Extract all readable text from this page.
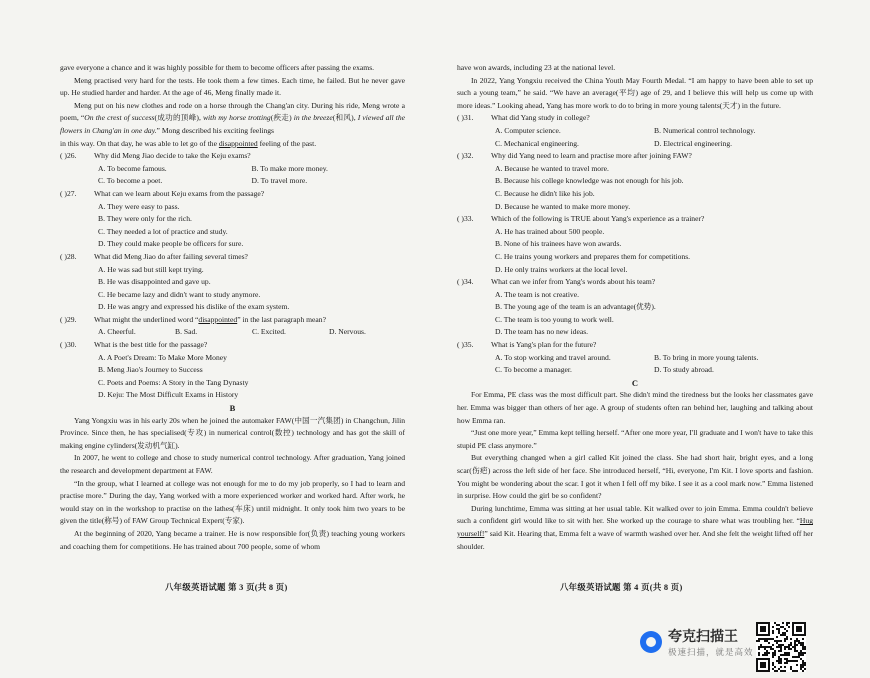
gave everyone a chance and it was highly possible for them to become officers after passing the exams.
Meng practised very hard for the tests. He took them a few times. Each time, he failed. But he never gave up. He studied harder and harder. At the age of 46, Meng finally made it.
Meng put on his new clothes and rode on a horse through the Chang'an city. During his ride, Meng wrote a poem, “On the crest of success(成功的顶峰), with my horse trotting(疾走) in the breeze(和风), I viewed all the flowers in Chang'an in one day.” Mong described his exciting feelings
in this way. On that day, he was able to let go of the disappointed feeling of the past.
( )26.	Why did Meng Jiao decide to take the Keju exams?
A. To become famous.	B. To make more money.
C. To become a poet.	D. To travel more.
( )27.	What can we learn about Keju exams from the passage?
A. They were easy to pass.
B. They were only for the rich.
C. They needed a lot of practice and study.
D. They could make people be officers for sure.
( )28.	What did Meng Jiao do after failing several times?
A. He was sad but still kept trying.
B. He was disappointed and gave up.
C. He became lazy and didn't want to study anymore.
D. He was angry and expressed his dislike of the exam system.
( )29.	What might the underlined word “disappointed” in the last paragraph mean?
A. Cheerful.	B. Sad.	C. Excited.	D. Nervous.
( )30.	What is the best title for the passage?
A. A Poet's Dream: To Make More Money
B. Meng Jiao's Journey to Success
C. Poets and Poems: A Story in the Tang Dynasty
D. Keju: The Most Difficult Exams in History
B
Yang Yongxiu was in his early 20s when he joined the automaker FAW(中国一汽集团) in Changchun, Jilin Province. Since then, he has specialised(专攻) in numerical control(数控) technology and has got the skill of making engine cylinders(发动机气缸).
In 2007, he went to college and chose to study numerical control technology. After graduation, Yang joined the research and development department at FAW.
“In the group, what I learned at college was not enough for me to do my job properly, so I had to learn and practise more.” During the day, Yang worked with a more experienced worker and worked hard. After work, he would stay on in the workshop to practise on the lathes(车床) until midnight. It only took him two years to be given the title(称号) of FAW Group Technical Expert(专家).
At the beginning of 2020, Yang became a trainer. He is now responsible for(负责) teaching young workers and coaching them for competitions. He has trained about 700 people, some of whom
八年级英语试题 第 3 页(共 8 页)
have won awards, including 23 at the national level.
In 2022, Yang Yongxiu received the China Youth May Fourth Medal. “I am happy to have been able to set up such a young team,” he said. “We have an average(平均) age of 29, and I believe this will help us come up with more ideas.” Looking ahead, Yang has more work to do to bring in more young talents(天才) in the future.
( )31.	What did Yang study in college?
A. Computer science.	B. Numerical control technology.
C. Mechanical engineering.	D. Electrical engineering.
( )32.	Why did Yang need to learn and practise more after joining FAW?
A. Because he wanted to travel more.
B. Because his college knowledge was not enough for his job.
C. Because he didn't like his job.
D. Because he wanted to make more money.
( )33.	Which of the following is TRUE about Yang's experience as a trainer?
A. He has trained about 500 people.
B. None of his trainees have won awards.
C. He trains young workers and prepares them for competitions.
D. He only trains workers at the local level.
( )34.	What can we infer from Yang's words about his team?
A. The team is not creative.
B. The young age of the team is an advantage(优势).
C. The team is too young to work well.
D. The team has no new ideas.
( )35.	What is Yang's plan for the future?
A. To stop working and travel around.	B. To bring in more young talents.
C. To become a manager.	D. To study abroad.
C
For Emma, PE class was the most difficult part. She didn't mind the tiredness but the looks her classmates gave her. Emma was bigger than others of her age. A group of students often ran behind her, laughing and talking about how Emma ran.
“Just one more year,” Emma kept telling herself. “After one more year, I'll graduate and I won't have to take this stupid PE class anymore.”
But everything changed when a girl called Kit joined the class. She had short hair, bright eyes, and a long scar(伤疤) across the left side of her face. She introduced herself, “Hi, everyone, I'm Kit. I love sports and fashion. You might be wondering about the scar. I got it when I fell off my bike. I see it as a cool mark now.” Emma listened in surprise. How could the girl be so confident?
During lunchtime, Emma was sitting at her usual table. Kit walked over to join Emma. Emma couldn't believe such a confident girl would like to sit with her. She worked up the courage to share what was troubling her. “Hug yourself!” said Kit. Hearing that, Emma felt a wave of warmth washed over her. And she felt the weight lifted off her shoulder.
八年级英语试题 第 4 页(共 8 页)
夸克扫描王
极速扫描，就是高效
